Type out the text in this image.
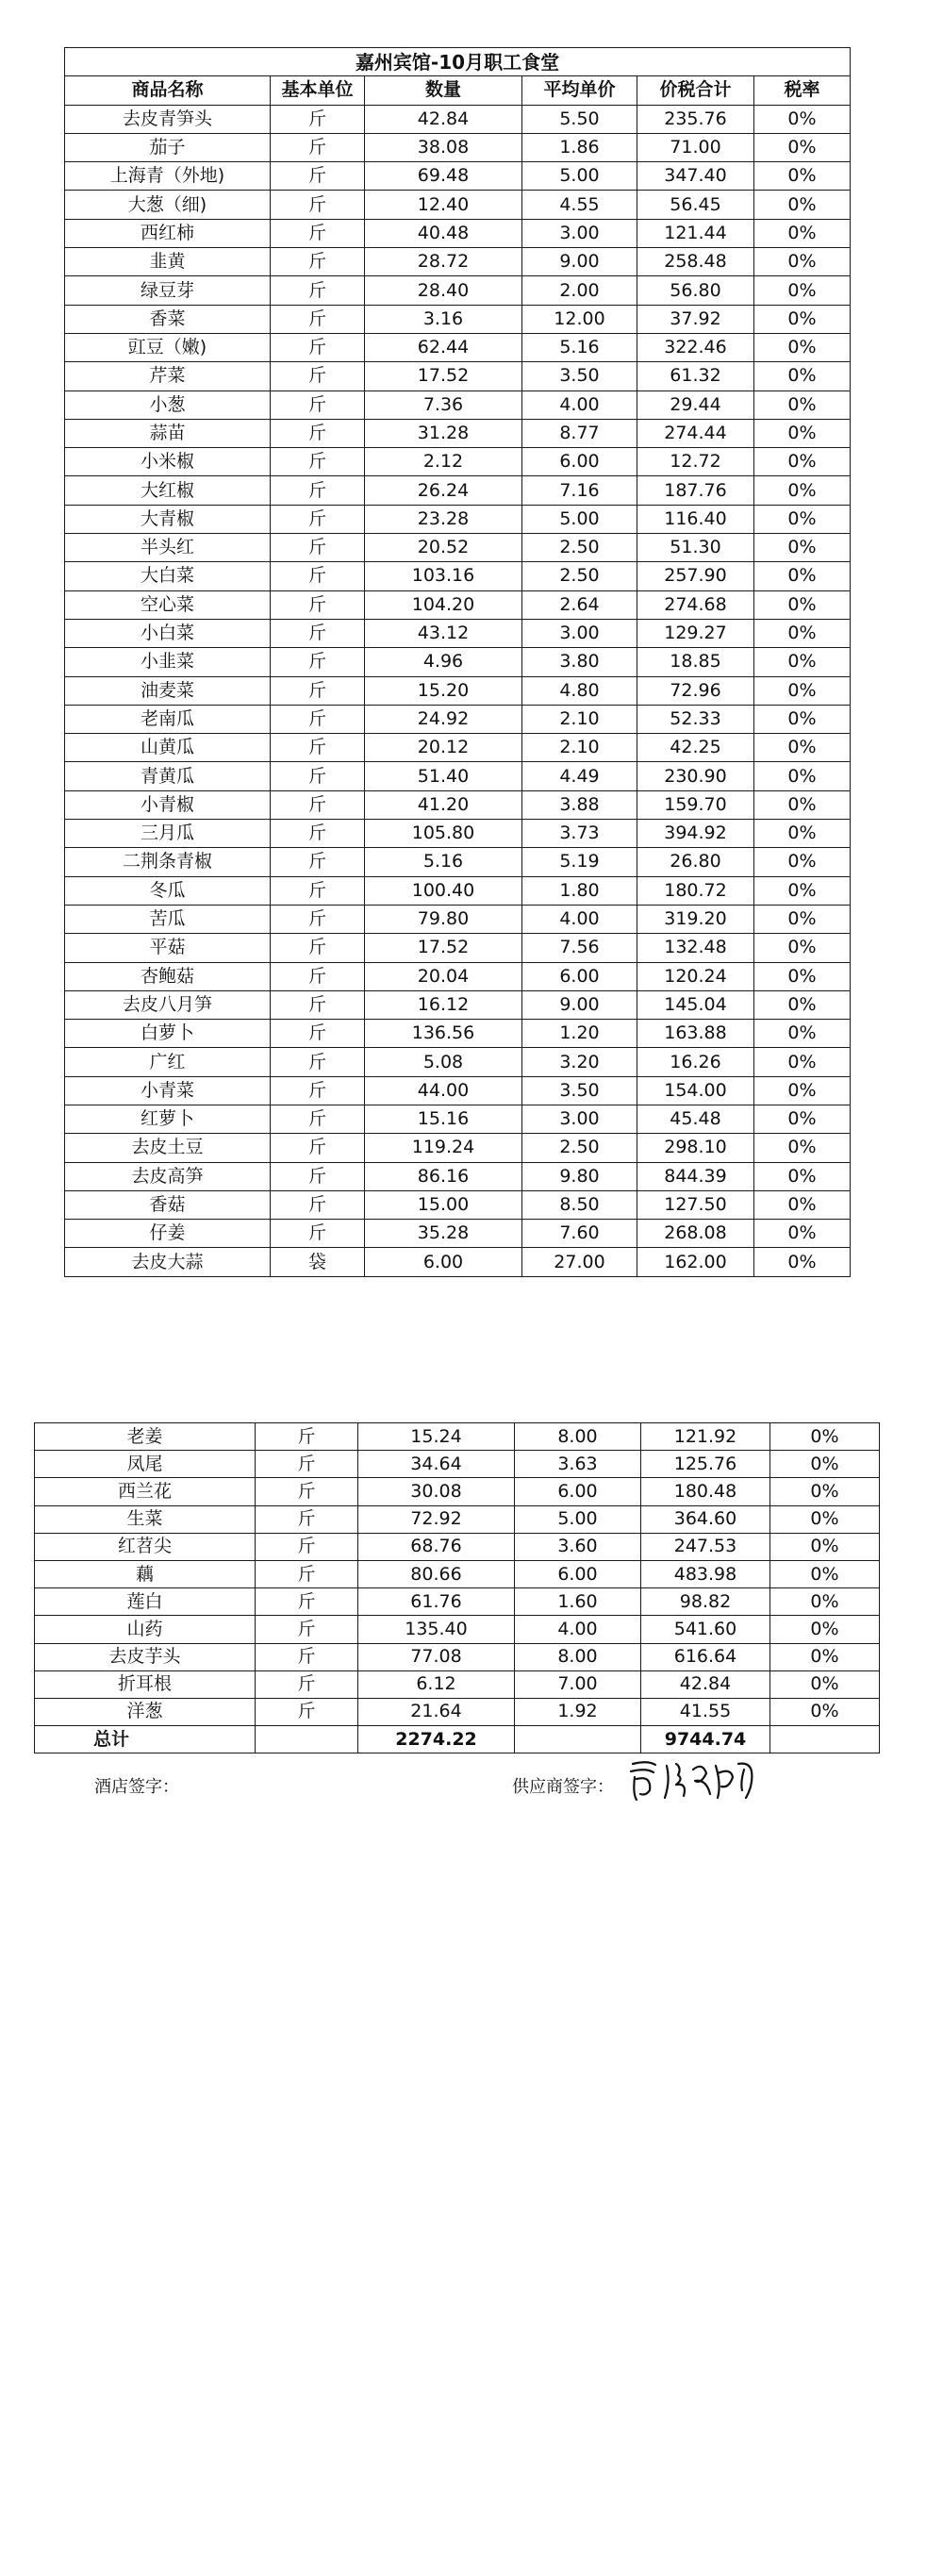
嘉州宾馆-10月职工食堂					
商品名称	基本单位	数量	平均单价	价税合计	税率
去皮青笋头	斤	42.84	5.50	235.76	0%
茄子	斤	38.08	1.86	71.00	0%
上海青（外地)	斤	69.48	5.00	347.40	0%
大葱（细)	斤	12.40	4.55	56.45	0%
西红柿	斤	40.48	3.00	121.44	0%
韭黄	斤	28.72	9.00	258.48	0%
绿豆芽	斤	28.40	2.00	56.80	0%
香菜	斤	3.16	12.00	37.92	0%
豇豆（嫩)	斤	62.44	5.16	322.46	0%
芹菜	斤	17.52	3.50	61.32	0%
小葱	斤	7.36	4.00	29.44	0%
蒜苗	斤	31.28	8.77	274.44	0%
小米椒	斤	2.12	6.00	12.72	0%
大红椒	斤	26.24	7.16	187.76	0%
大青椒	斤	23.28	5.00	116.40	0%
半头红	斤	20.52	2.50	51.30	0%
大白菜	斤	103.16	2.50	257.90	0%
空心菜	斤	104.20	2.64	274.68	0%
小白菜	斤	43.12	3.00	129.27	0%
小韭菜	斤	4.96	3.80	18.85	0%
油麦菜	斤	15.20	4.80	72.96	0%
老南瓜	斤	24.92	2.10	52.33	0%
山黄瓜	斤	20.12	2.10	42.25	0%
青黄瓜	斤	51.40	4.49	230.90	0%
小青椒	斤	41.20	3.88	159.70	0%
三月瓜	斤	105.80	3.73	394.92	0%
二荆条青椒	斤	5.16	5.19	26.80	0%
冬瓜	斤	100.40	1.80	180.72	0%
苦瓜	斤	79.80	4.00	319.20	0%
平菇	斤	17.52	7.56	132.48	0%
杏鲍菇	斤	20.04	6.00	120.24	0%
去皮八月笋	斤	16.12	9.00	145.04	0%
白萝卜	斤	136.56	1.20	163.88	0%
广红	斤	5.08	3.20	16.26	0%
小青菜	斤	44.00	3.50	154.00	0%
红萝卜	斤	15.16	3.00	45.48	0%
去皮土豆	斤	119.24	2.50	298.10	0%
去皮高笋	斤	86.16	9.80	844.39	0%
香菇	斤	15.00	8.50	127.50	0%
仔姜	斤	35.28	7.60	268.08	0%
去皮大蒜	袋	6.00	27.00	162.00	0%
老姜	斤	15.24	8.00	121.92	0%
凤尾	斤	34.64	3.63	125.76	0%
西兰花	斤	30.08	6.00	180.48	0%
生菜	斤	72.92	5.00	364.60	0%
红苕尖	斤	68.76	3.60	247.53	0%
藕	斤	80.66	6.00	483.98	0%
莲白	斤	61.76	1.60	98.82	0%
山药	斤	135.40	4.00	541.60	0%
去皮芋头	斤	77.08	8.00	616.64	0%
折耳根	斤	6.12	7.00	42.84	0%
洋葱	斤	21.64	1.92	41.55	0%
总计		2274.22		9744.74	
酒店签字：	供应商签字：
